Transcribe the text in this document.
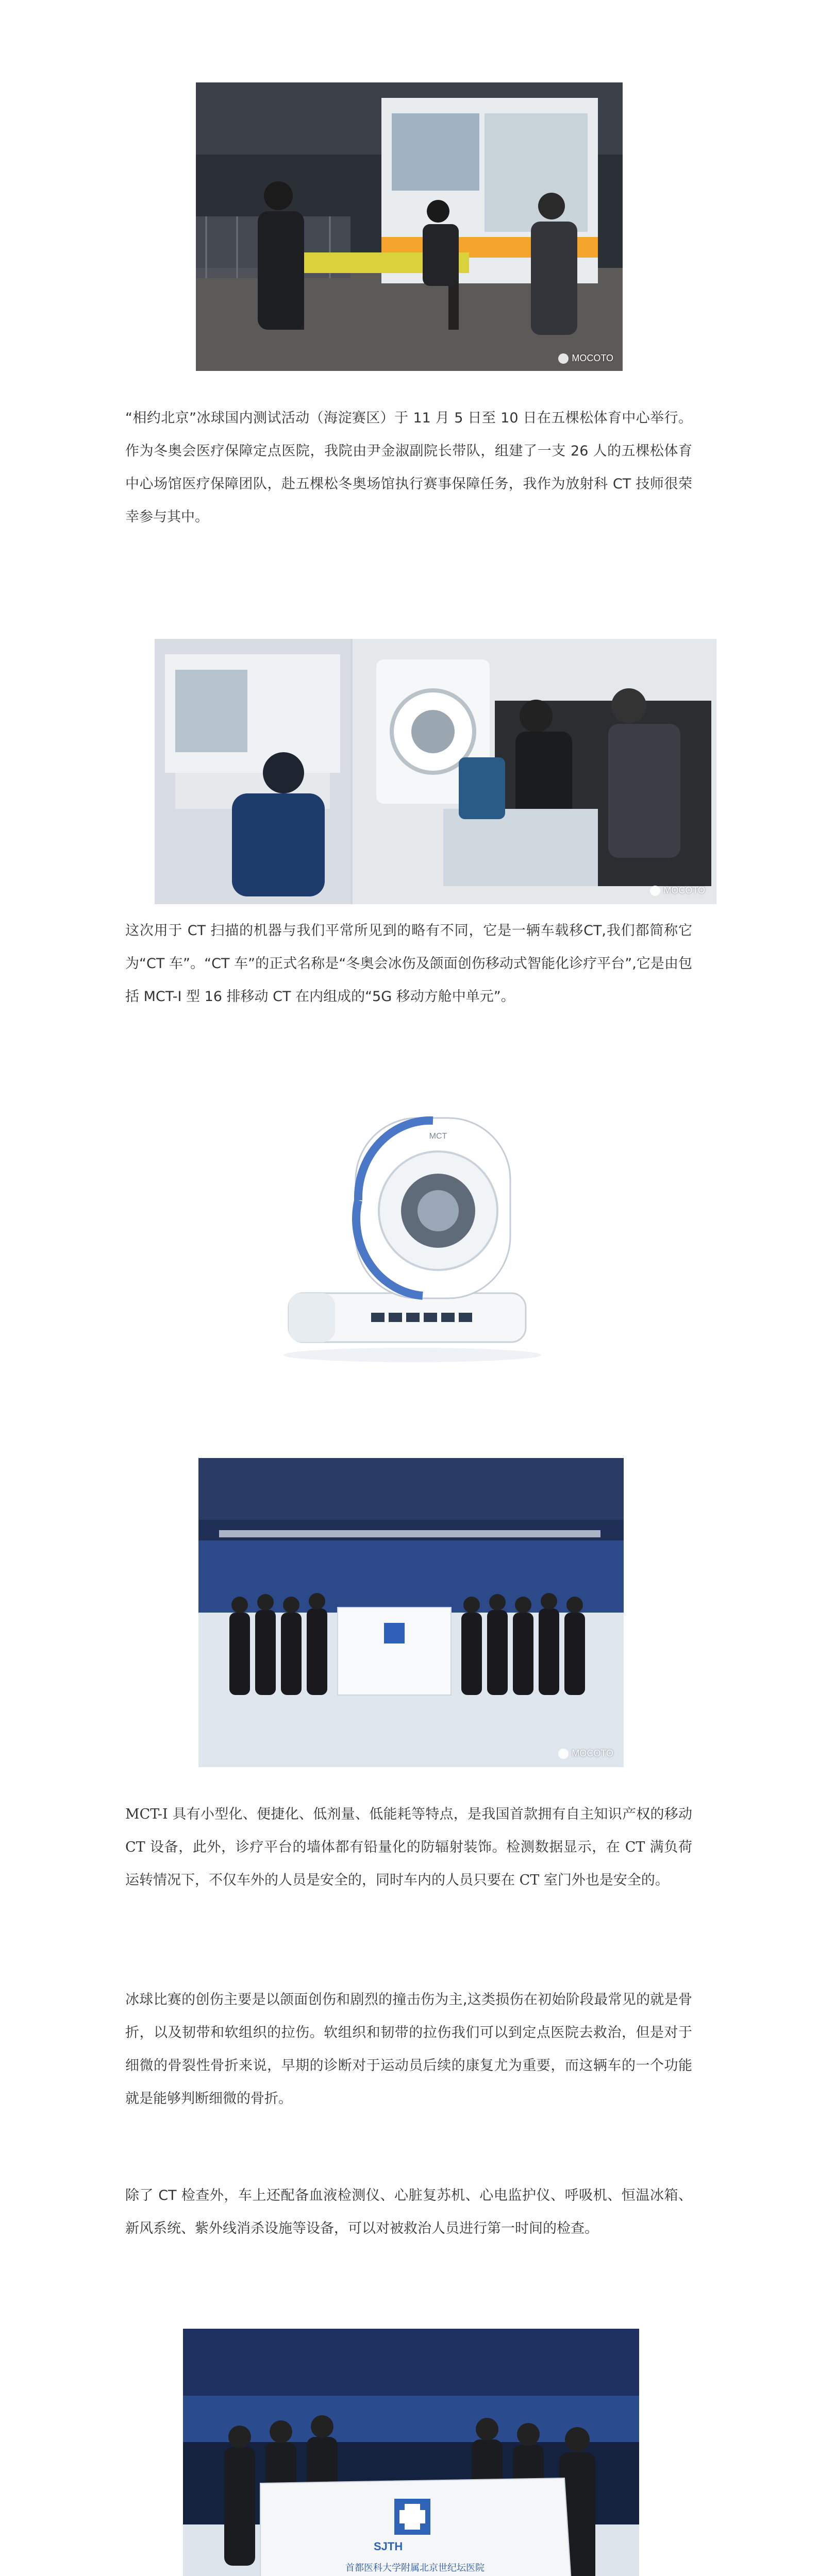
MOCOTO
“相约北京”冰球国内测试活动（海淀赛区）于 11 月 5 日至 10 日在五棵松体育中心举行。作为冬奥会医疗保障定点医院，我院由尹金淑副院长带队，组建了一支 26 人的五棵松体育中心场馆医疗保障团队，赴五棵松冬奥场馆执行赛事保障任务，我作为放射科 CT 技师很荣幸参与其中。
MOCOTO
这次用于 CT 扫描的机器与我们平常所见到的略有不同，它是一辆车载移CT,我们都简称它为“CT 车”。“CT 车”的正式名称是“冬奥会冰伤及颌面创伤移动式智能化诊疗平台”,它是由包括 MCT-I 型 16 排移动 CT 在内组成的“5G 移动方舱中单元”。
MCT
MOCOTO
MCT-I 具有小型化、便捷化、低剂量、低能耗等特点，是我国首款拥有自主知识产权的移动 CT 设备，此外，诊疗平台的墙体都有铅量化的防辐射装饰。检测数据显示，在 CT 满负荷运转情况下，不仅车外的人员是安全的，同时车内的人员只要在 CT 室门外也是安全的。
冰球比赛的创伤主要是以颌面创伤和剧烈的撞击伤为主,这类损伤在初始阶段最常见的就是骨折，以及韧带和软组织的拉伤。软组织和韧带的拉伤我们可以到定点医院去救治，但是对于细微的骨裂性骨折来说，早期的诊断对于运动员后续的康复尤为重要，而这辆车的一个功能就是能够判断细微的骨折。
除了 CT 检查外，车上还配备血液检测仪、心脏复苏机、心电监护仪、呼吸机、恒温冰箱、新风系统、紫外线消杀设施等设备，可以对被救治人员进行第一时间的检查。
SJTH
首都医科大学附属北京世纪坛医院
